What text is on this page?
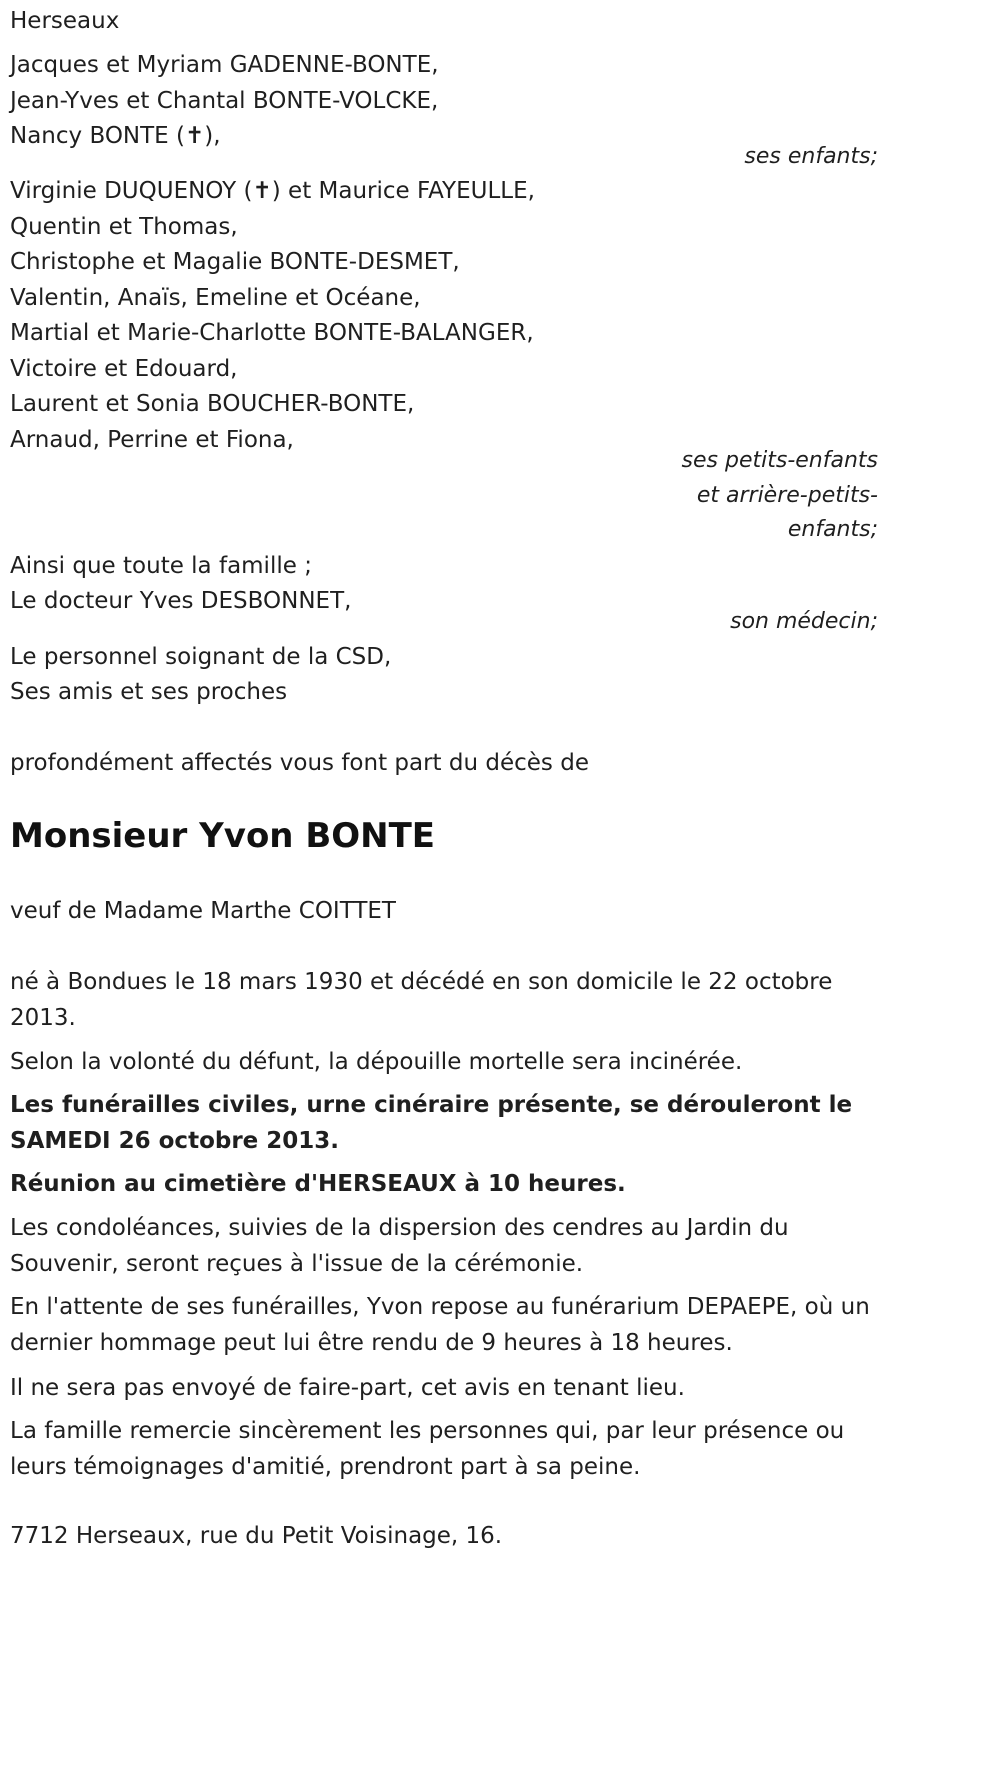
Herseaux

Jacques et Myriam GADENNE-BONTE,

Jean-Yves et Chantal BONTE-VOLCKE,

Nancy BONTE (✝),

ses enfants;

Virginie DUQUENOY (✝) et Maurice FAYEULLE,

Quentin et Thomas,

Christophe et Magalie BONTE-DESMET,

Valentin, Anaïs, Emeline et Océane,

Martial et Marie-Charlotte BONTE-BALANGER,

Victoire et Edouard,

Laurent et Sonia BOUCHER-BONTE,

Arnaud, Perrine et Fiona,

ses petits-enfants

et arrière-petits-

enfants;

Ainsi que toute la famille ;

Le docteur Yves DESBONNET,

son médecin;

Le personnel soignant de la CSD,

Ses amis et ses proches

profondément affectés vous font part du décès de

Monsieur Yvon BONTE

veuf de Madame Marthe COITTET

né à Bondues le 18 mars 1930 et décédé en son domicile le 22 octobre 2013.

Selon la volonté du défunt, la dépouille mortelle sera incinérée.

Les funérailles civiles, urne cinéraire présente, se dérouleront le SAMEDI 26 octobre 2013.

Réunion au cimetière d'HERSEAUX à 10 heures.

Les condoléances, suivies de la dispersion des cendres au Jardin du Souvenir, seront reçues à l'issue de la cérémonie.

En l'attente de ses funérailles, Yvon repose au funérarium DEPAEPE, où un dernier hommage peut lui être rendu de 9 heures à 18 heures.

Il ne sera pas envoyé de faire-part, cet avis en tenant lieu.

La famille remercie sincèrement les personnes qui, par leur présence ou leurs témoignages d'amitié, prendront part à sa peine.

7712 Herseaux, rue du Petit Voisinage, 16.
